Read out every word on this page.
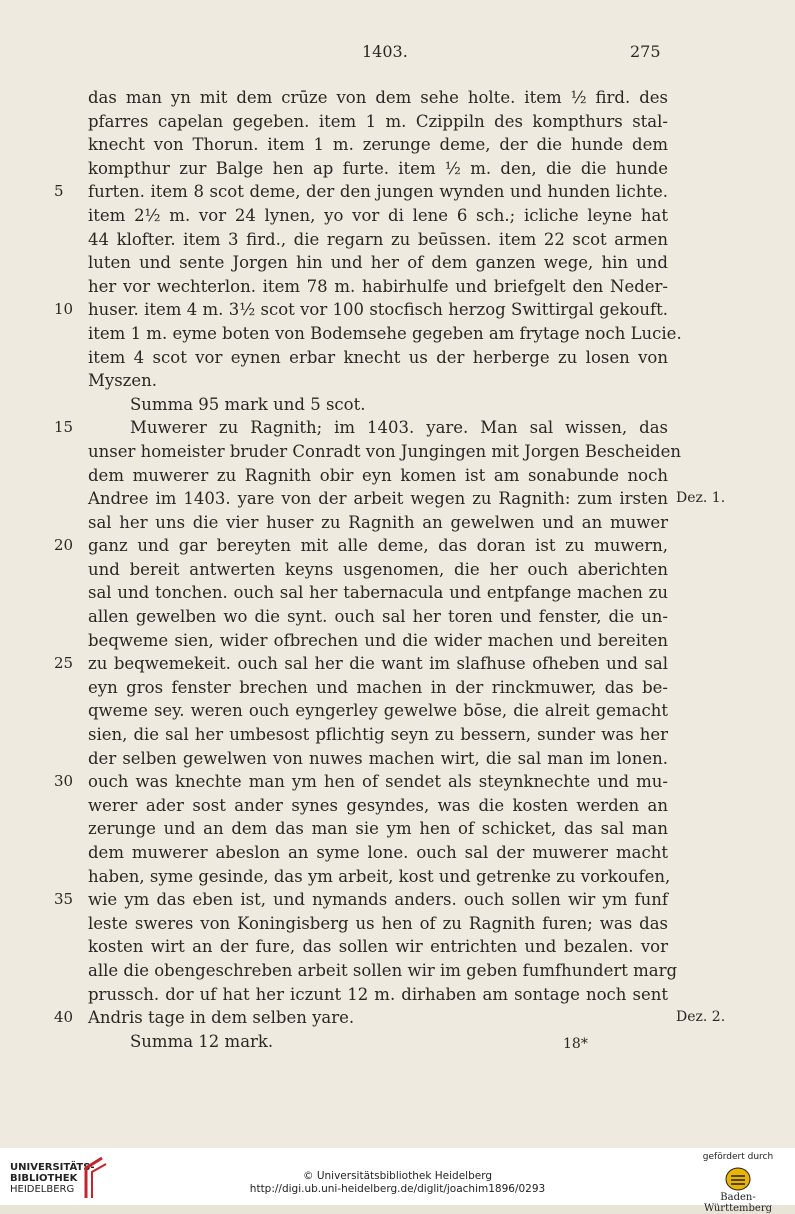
1403.	275
das man yn mit dem crūze von dem sehe holte. item ½ fird. des
pfarres capelan gegeben. item 1 m. Czippiln des kompthurs stal-
knecht von Thorun. item 1 m. zerunge deme, der die hunde dem
kompthur zur Balge hen ap furte. item ½ m. den, die die hunde
furten. item 8 scot deme, der den jungen wynden und hunden lichte.
5
item 2½ m. vor 24 lynen, yo vor di lene 6 sch.; icliche leyne hat
44 klofter. item 3 fird., die regarn zu beūssen. item 22 scot armen
luten und sente Jorgen hin und her of dem ganzen wege, hin und
her vor wechterlon. item 78 m. habirhulfe und briefgelt den Neder-
huser. item 4 m. 3½ scot vor 100 stocfisch herzog Swittirgal gekouft.
10
item 1 m. eyme boten von Bodemsehe gegeben am frytage noch Lucie.
item 4 scot vor eynen erbar knecht us der herberge zu losen von
Myszen.
Summa 95 mark und 5 scot.
Muwerer zu Ragnith; im 1403. yare. Man sal wissen, das
15
unser homeister bruder Conradt von Jungingen mit Jorgen Bescheiden
dem muwerer zu Ragnith obir eyn komen ist am sonabunde noch
Andree im 1403. yare von der arbeit wegen zu Ragnith: zum irsten Dez. 1.
sal her uns die vier huser zu Ragnith an gewelwen und an muwer
ganz und gar bereyten mit alle deme, das doran ist zu muwern,
20
und bereit antwerten keyns usgenomen, die her ouch aberichten
sal und tonchen. ouch sal her tabernacula und entpfange machen zu
allen gewelben wo die synt. ouch sal her toren und fenster, die un-
beqweme sien, wider ofbrechen und die wider machen und bereiten
zu beqwemekeit. ouch sal her die want im slafhuse ofheben und sal
25
eyn gros fenster brechen und machen in der rinckmuwer, das be-
qweme sey. weren ouch eyngerley gewelwe bōse, die alreit gemacht
sien, die sal her umbesost pflichtig seyn zu bessern, sunder was her
der selben gewelwen von nuwes machen wirt, die sal man im lonen.
ouch was knechte man ym hen of sendet als steynknechte und mu-
30
werer ader sost ander synes gesyndes, was die kosten werden an
zerunge und an dem das man sie ym hen of schicket, das sal man
dem muwerer abeslon an syme lone. ouch sal der muwerer macht
haben, syme gesinde, das ym arbeit, kost und getrenke zu vorkoufen,
wie ym das eben ist, und nymands anders. ouch sollen wir ym funf
35
leste sweres von Koningisberg us hen of zu Ragnith furen; was das
kosten wirt an der fure, das sollen wir entrichten und bezalen. vor
alle die obengeschreben arbeit sollen wir im geben fumfhundert marg
prussch. dor uf hat her iczunt 12 m. dirhaben am sontage noch sent
Andris tage in dem selben yare.
40	Dez. 2.
Summa 12 mark.	18*
UNIVERSITÄTS-
BIBLIOTHEK
HEIDELBERG
© Universitätsbibliothek Heidelberg
http://digi.ub.uni-heidelberg.de/diglit/joachim1896/0293
gefördert durch
Baden-Württemberg
